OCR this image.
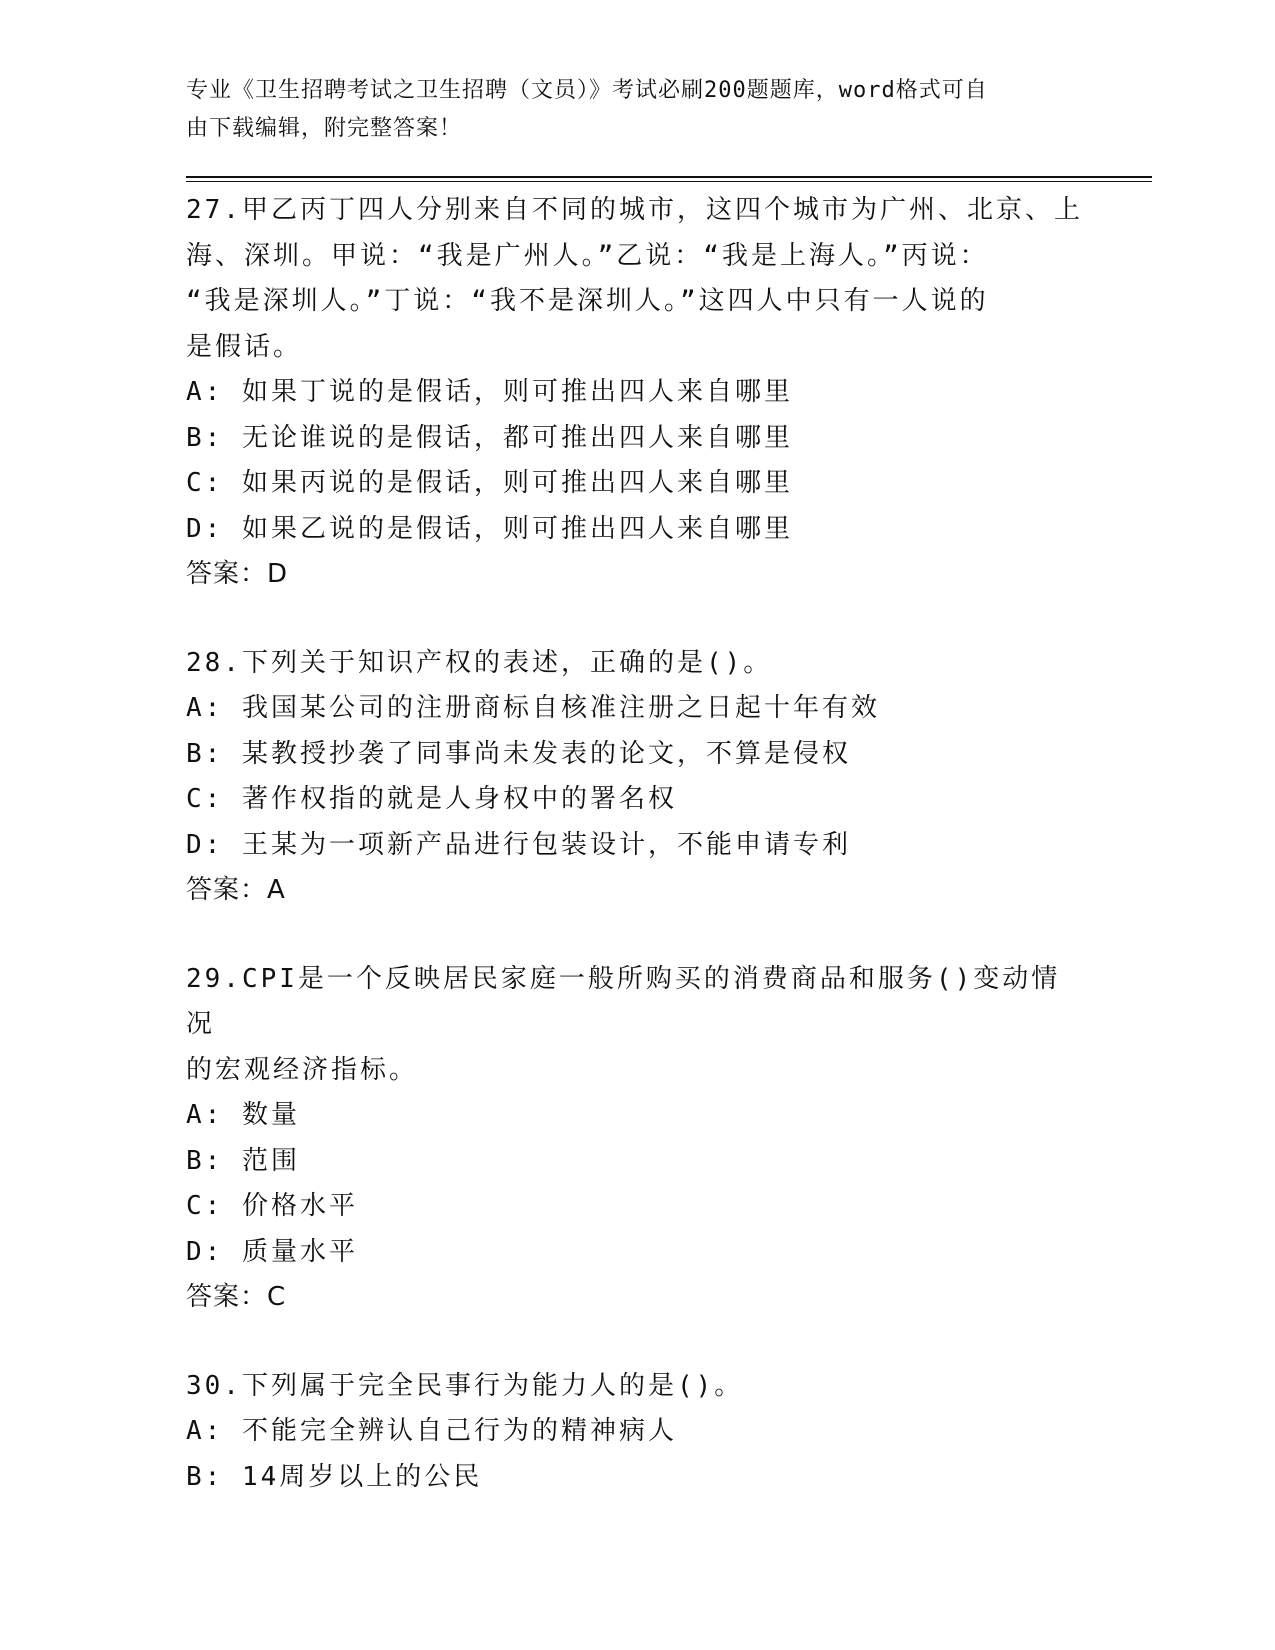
专业《卫生招聘考试之卫生招聘（文员）》考试必刷200题题库，word格式可自
由下载编辑，附完整答案！
27.甲乙丙丁四人分别来自不同的城市，这四个城市为广州、北京、上
海、深圳。甲说：“我是广州人。”乙说：“我是上海人。”丙说：
“我是深圳人。”丁说：“我不是深圳人。”这四人中只有一人说的
是假话。
A: 如果丁说的是假话，则可推出四人来自哪里
B: 无论谁说的是假话，都可推出四人来自哪里
C: 如果丙说的是假话，则可推出四人来自哪里
D: 如果乙说的是假话，则可推出四人来自哪里
答案：D
28.下列关于知识产权的表述，正确的是()。
A: 我国某公司的注册商标自核准注册之日起十年有效
B: 某教授抄袭了同事尚未发表的论文，不算是侵权
C: 著作权指的就是人身权中的署名权
D: 王某为一项新产品进行包装设计，不能申请专利
答案：A
29.CPI是一个反映居民家庭一般所购买的消费商品和服务()变动情况
的宏观经济指标。
A: 数量
B: 范围
C: 价格水平
D: 质量水平
答案：C
30.下列属于完全民事行为能力人的是()。
A: 不能完全辨认自己行为的精神病人
B: 14周岁以上的公民
